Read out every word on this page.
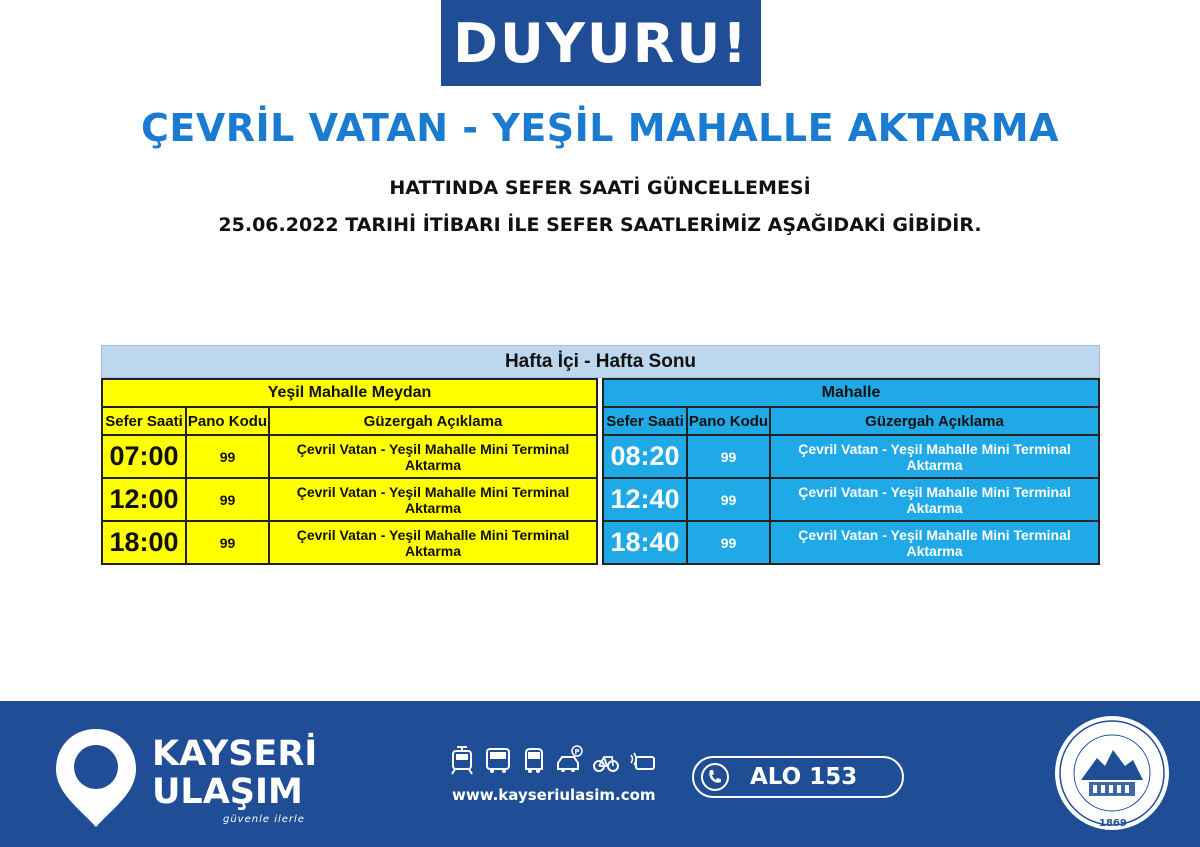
DUYURU!
ÇEVRİL VATAN - YEŞİL MAHALLE AKTARMA
HATTINDA SEFER SAATİ GÜNCELLEMESİ
25.06.2022 TARIHİ İTİBARI İLE SEFER SAATLERİMİZ AŞAĞIDAKİ GİBİDİR.
Hafta İçi - Hafta Sonu
Yeşil Mahalle Meydan		
Sefer Saati	Pano Kodu	Güzergah Açıklama
07:00	99	Çevril Vatan - Yeşil Mahalle Mini Terminal Aktarma
12:00	99	Çevril Vatan - Yeşil Mahalle Mini Terminal Aktarma
18:00	99	Çevril Vatan - Yeşil Mahalle Mini Terminal Aktarma
Mahalle		
Sefer Saati	Pano Kodu	Güzergah Açıklama
08:20	99	Çevril Vatan - Yeşil Mahalle Mini Terminal Aktarma
12:40	99	Çevril Vatan - Yeşil Mahalle Mini Terminal Aktarma
18:40	99	Çevril Vatan - Yeşil Mahalle Mini Terminal Aktarma
KAYSERİ
ULAŞIM
güvenle ilerle
P
www.kayseriulasim.com
ALO 153
1869
